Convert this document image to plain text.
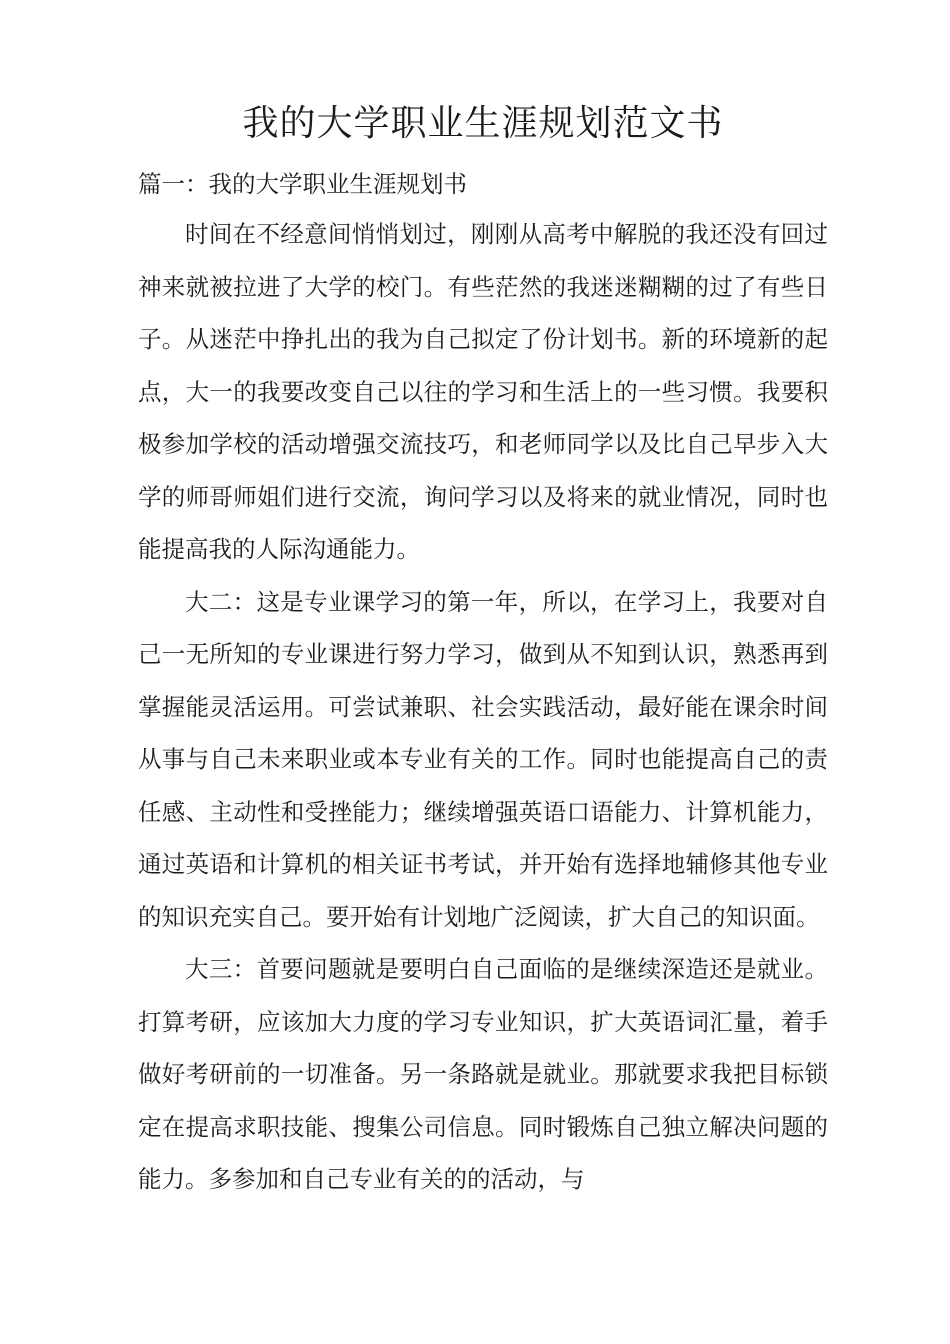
我的大学职业生涯规划范文书
篇一：我的大学职业生涯规划书

时间在不经意间悄悄划过，刚刚从高考中解脱的我还没有回过神来就被拉进了大学的校门。有些茫然的我迷迷糊糊的过了有些日子。从迷茫中挣扎出的我为自己拟定了份计划书。新的环境新的起点，大一的我要改变自己以往的学习和生活上的一些习惯。我要积极参加学校的活动增强交流技巧，和老师同学以及比自己早步入大学的师哥师姐们进行交流，询问学习以及将来的就业情况，同时也能提高我的人际沟通能力。

大二：这是专业课学习的第一年，所以，在学习上，我要对自己一无所知的专业课进行努力学习，做到从不知到认识，熟悉再到掌握能灵活运用。可尝试兼职、社会实践活动，最好能在课余时间从事与自己未来职业或本专业有关的工作。同时也能提高自己的责任感、主动性和受挫能力；继续增强英语口语能力、计算机能力，通过英语和计算机的相关证书考试，并开始有选择地辅修其他专业的知识充实自己。要开始有计划地广泛阅读，扩大自己的知识面。

大三：首要问题就是要明白自己面临的是继续深造还是就业。打算考研，应该加大力度的学习专业知识，扩大英语词汇量，着手做好考研前的一切准备。另一条路就是就业。那就要求我把目标锁定在提高求职技能、搜集公司信息。同时锻炼自己独立解决问题的能力。多参加和自己专业有关的的活动，与
